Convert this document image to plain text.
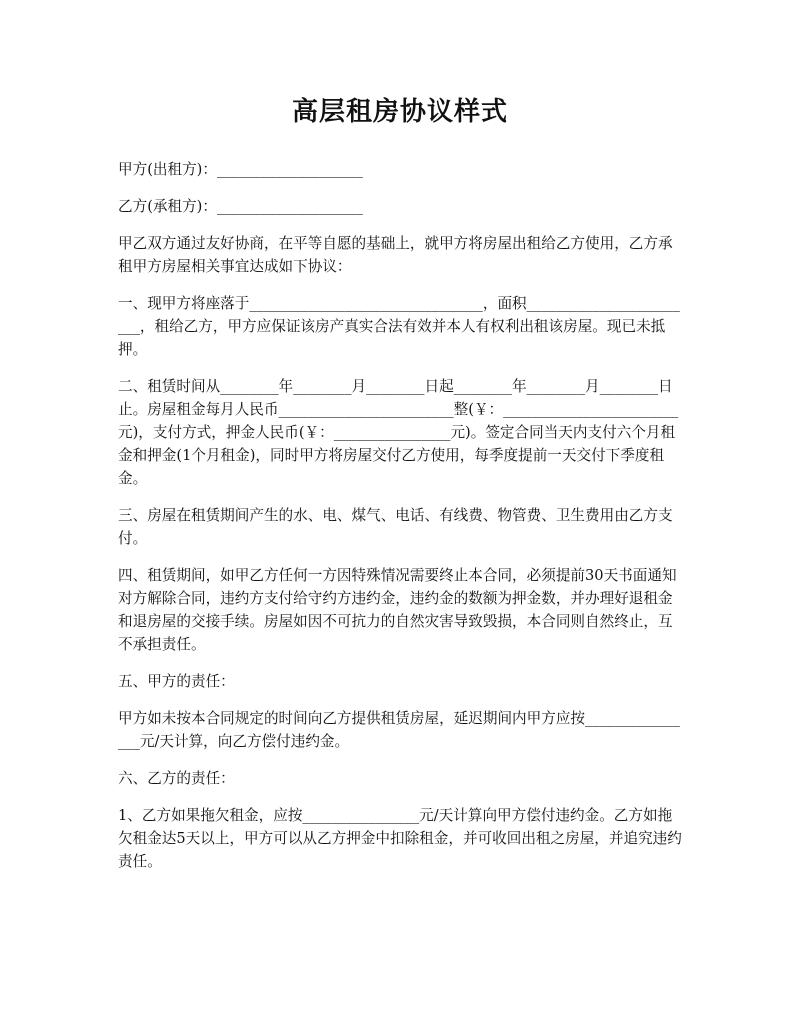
高层租房协议样式

甲方(出租方)：____________________

乙方(承租方)：____________________

甲乙双方通过友好协商，在平等自愿的基础上，就甲方将房屋出租给乙方使用，乙方承租甲方房屋相关事宜达成如下协议：

一、现甲方将座落于________________________________，面积________________________，租给乙方，甲方应保证该房产真实合法有效并本人有权利出租该房屋。现已未抵押。

二、租赁时间从________年________月________日起________年________月________日止。房屋租金每月人民币________________________整(￥：________________________元)，支付方式，押金人民币(￥：________________元)。签定合同当天内支付六个月租金和押金(1个月租金)，同时甲方将房屋交付乙方使用，每季度提前一天交付下季度租金。

三、房屋在租赁期间产生的水、电、煤气、电话、有线费、物管费、卫生费用由乙方支付。

四、租赁期间，如甲乙方任何一方因特殊情况需要终止本合同，必须提前30天书面通知对方解除合同，违约方支付给守约方违约金，违约金的数额为押金数，并办理好退租金和退房屋的交接手续。房屋如因不可抗力的自然灾害导致毁损，本合同则自然终止，互不承担责任。

五、甲方的责任：

甲方如未按本合同规定的时间向乙方提供租赁房屋，延迟期间内甲方应按________________元/天计算，向乙方偿付违约金。

六、乙方的责任：

1、乙方如果拖欠租金，应按________________元/天计算向甲方偿付违约金。乙方如拖欠租金达5天以上，甲方可以从乙方押金中扣除租金，并可收回出租之房屋，并追究违约责任。
